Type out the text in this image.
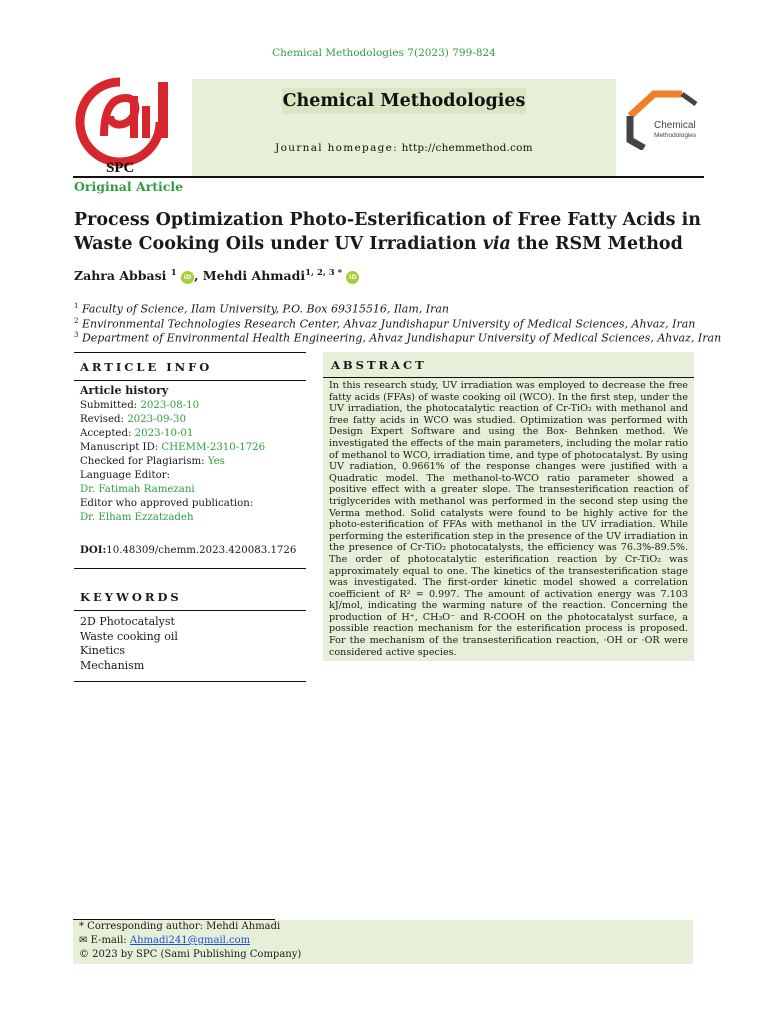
Chemical Methodologies 7(2023) 799-824
SPC
Chemical Methodologies
Journal homepage: http://chemmethod.com
Chemical
Methodologies
Original Article
Process Optimization Photo-Esterification of Free Fatty Acids in
Waste Cooking Oils under UV Irradiation via the RSM Method
Zahra Abbasi $^1$ iD , Mehdi Ahmadi$^{1, 2, 3 *}$ iD
$^1$ Faculty of Science, Ilam University, P.O. Box 69315516, Ilam, Iran
$^2$ Environmental Technologies Research Center, Ahvaz Jundishapur University of Medical Sciences, Ahvaz, Iran
$^3$ Department of Environmental Health Engineering, Ahvaz Jundishapur University of Medical Sciences, Ahvaz, Iran
ARTICLE INFO
Article history
Submitted: 2023-08-10
Revised: 2023-09-30
Accepted: 2023-10-01
Manuscript ID: CHEMM-2310-1726
Checked for Plagiarism: Yes
Language Editor:
Dr. Fatimah Ramezani
Editor who approved publication:
Dr. Elham Ezzatzadeh
DOI:10.48309/chemm.2023.420083.1726
KEYWORDS
2D Photocatalyst
Waste cooking oil
Kinetics
Mechanism
ABSTRACT
In this research study, UV irradiation was employed to decrease the free
fatty acids (FFAs) of waste cooking oil (WCO). In the first step, under the
UV irradiation, the photocatalytic reaction of Cr-TiO₂ with methanol and
free fatty acids in WCO was studied. Optimization was performed with
Design Expert Software and using the Box- Behnken method. We
investigated the effects of the main parameters, including the molar ratio
of methanol to WCO, irradiation time, and type of photocatalyst. By using
UV radiation, 0.9661% of the response changes were justified with a
Quadratic model. The methanol-to-WCO ratio parameter showed a
positive effect with a greater slope. The transesterification reaction of
triglycerides with methanol was performed in the second step using the
Verma method. Solid catalysts were found to be highly active for the
photo-esterification of FFAs with methanol in the UV irradiation. While
performing the esterification step in the presence of the UV irradiation in
the presence of Cr-TiO₂ photocatalysts, the efficiency was 76.3%-89.5%.
The order of photocatalytic esterification reaction by Cr-TiO₂ was
approximately equal to one. The kinetics of the transesterification stage
was investigated. The first-order kinetic model showed a correlation
coefficient of R² = 0.997. The amount of activation energy was 7.103
kJ/mol, indicating the warming nature of the reaction. Concerning the
production of H⁺, CH₃O⁻ and R-COOH on the photocatalyst surface, a
possible reaction mechanism for the esterification process is proposed.
For the mechanism of the transesterification reaction, ·OH or ·OR were
considered active species.
* Corresponding author: Mehdi Ahmadi
✉ E-mail: Ahmadi241@gmail.com
© 2023 by SPC (Sami Publishing Company)
